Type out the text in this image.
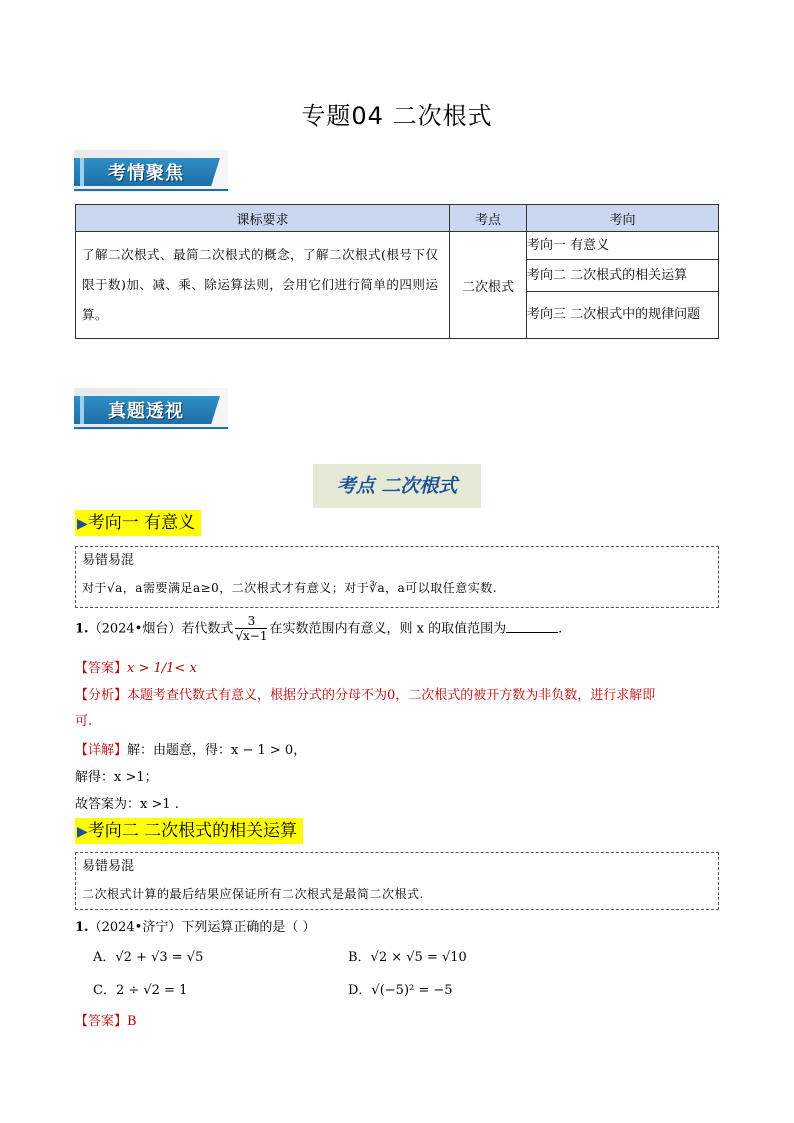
专题04 二次根式
考情聚焦
课标要求	考点	考向
了解二次根式、最简二次根式的概念，了解二次根式(根号下仅限于数)加、减、乘、除运算法则，会用它们进行简单的四则运算。	二次根式	考向一 有意义
		考向二 二次根式的相关运算
		考向三 二次根式中的规律问题
真题透视
考点 二次根式
▶考向一 有意义
易错易混
对于√a，a需要满足a≥0，二次根式才有意义；对于∛a，a可以取任意实数.
1.（2024•烟台）若代数式 $\frac{3}{√x-1}$ 在实数范围内有意义，则 x 的取值范围为	.
【答案】x > 1/1< x
【分析】本题考查代数式有意义，根据分式的分母不为0，二次根式的被开方数为非负数，进行求解即
可.
【详解】解：由题意，得：x − 1 > 0，
解得：x >1；
故答案为：x >1 .
▶考向二 二次根式的相关运算
易错易混
二次根式计算的最后结果应保证所有二次根式是最简二次根式.
1.（2024•济宁）下列运算正确的是（ ）
A．√2 + √3 = √5	B．√2 × √5 = √10
C．2 ÷ √2 = 1	D．√(−5)² = −5
【答案】B
